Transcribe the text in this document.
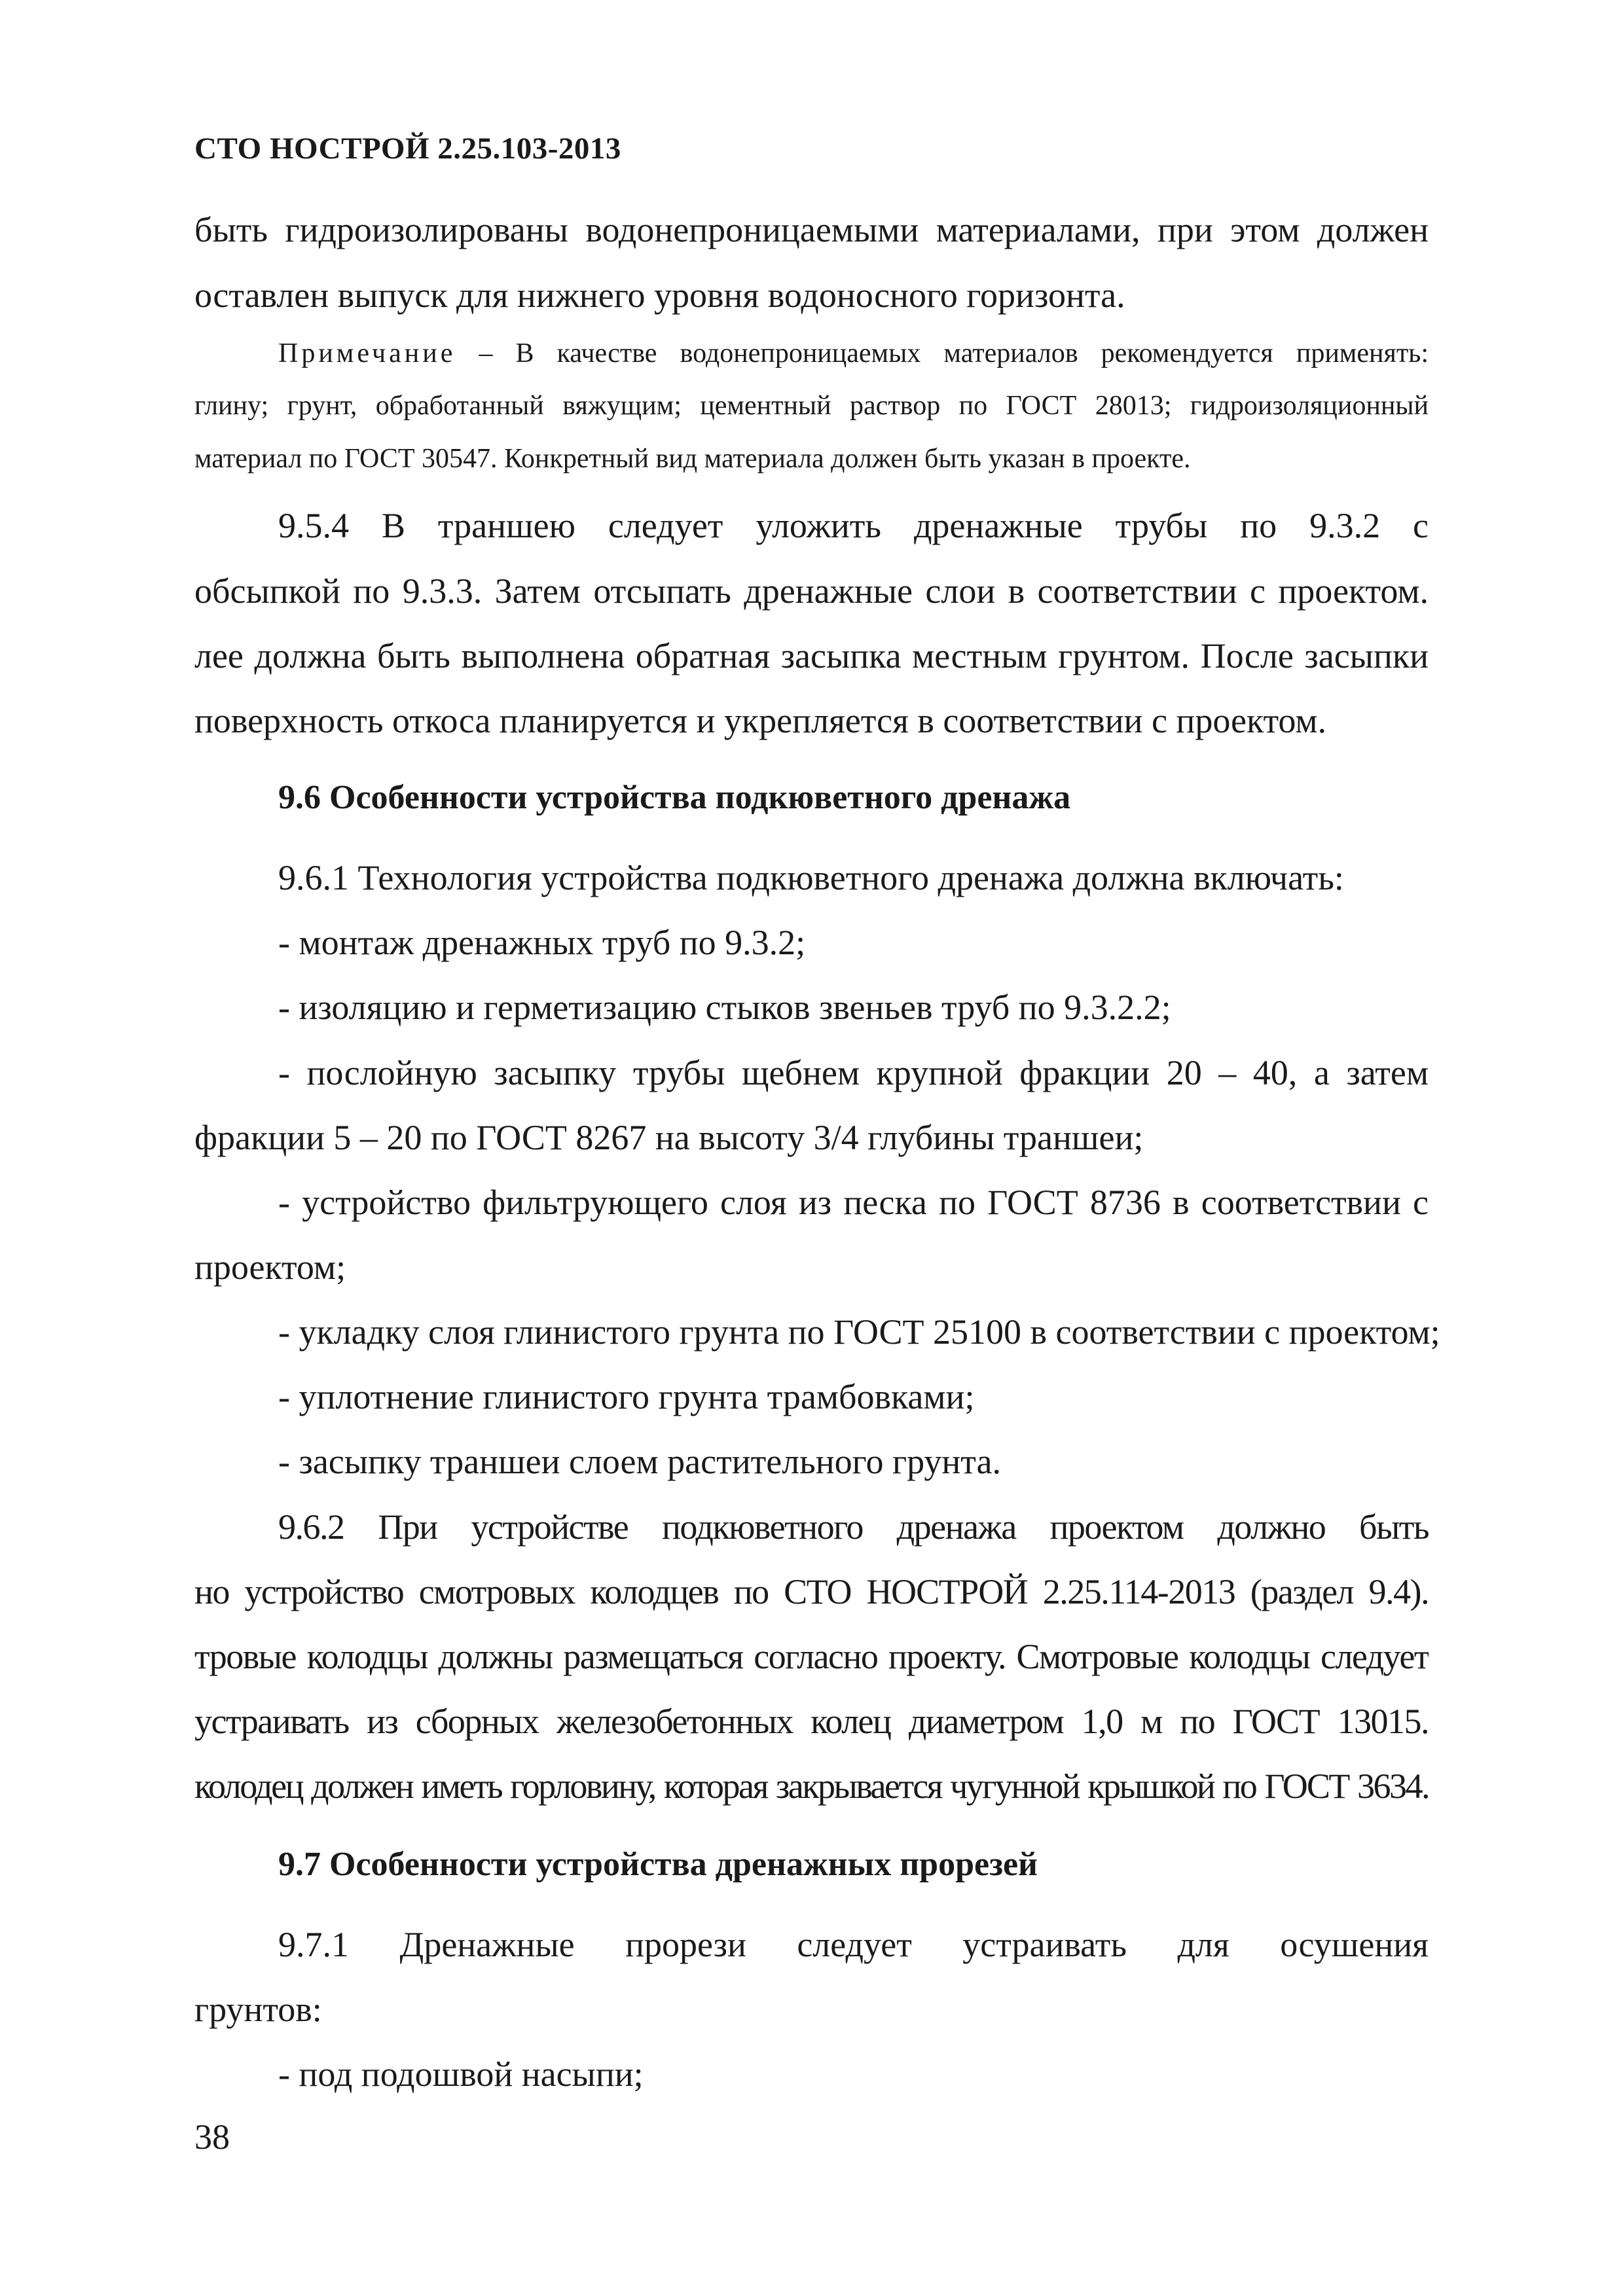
СТО НОСТРОЙ 2.25.103-2013
быть гидроизолированы водонепроницаемыми материалами, при этом должен
оставлен выпуск для нижнего уровня водоносного горизонта.
Примечание – В качестве водонепроницаемых материалов рекомендуется применять:
глину; грунт, обработанный вяжущим; цементный раствор по ГОСТ 28013; гидроизоляционный
материал по ГОСТ 30547. Конкретный вид материала должен быть указан в проекте.
9.5.4 В траншею следует уложить дренажные трубы по 9.3.2 с
обсыпкой по 9.3.3. Затем отсыпать дренажные слои в соответствии с проектом.
лее должна быть выполнена обратная засыпка местным грунтом. После засыпки
поверхность откоса планируется и укрепляется в соответствии с проектом.
9.6 Особенности устройства подкюветного дренажа
9.6.1 Технология устройства подкюветного дренажа должна включать:
- монтаж дренажных труб по 9.3.2;
- изоляцию и герметизацию стыков звеньев труб по 9.3.2.2;
- послойную засыпку трубы щебнем крупной фракции 20 – 40, а затем
фракции 5 – 20 по ГОСТ 8267 на высоту 3/4 глубины траншеи;
- устройство фильтрующего слоя из песка по ГОСТ 8736 в соответствии с
проектом;
- укладку слоя глинистого грунта по ГОСТ 25100 в соответствии с проектом;
- уплотнение глинистого грунта трамбовками;
- засыпку траншеи слоем растительного грунта.
9.6.2 При устройстве подкюветного дренажа проектом должно быть
но устройство смотровых колодцев по СТО НОСТРОЙ 2.25.114-2013 (раздел 9.4).
тровые колодцы должны размещаться согласно проекту. Смотровые колодцы следует
устраивать из сборных железобетонных колец диаметром 1,0 м по ГОСТ 13015.
колодец должен иметь горловину, которая закрывается чугунной крышкой по ГОСТ 3634.
9.7 Особенности устройства дренажных прорезей
9.7.1 Дренажные прорези следует устраивать для осушения
грунтов:
- под подошвой насыпи;
38
